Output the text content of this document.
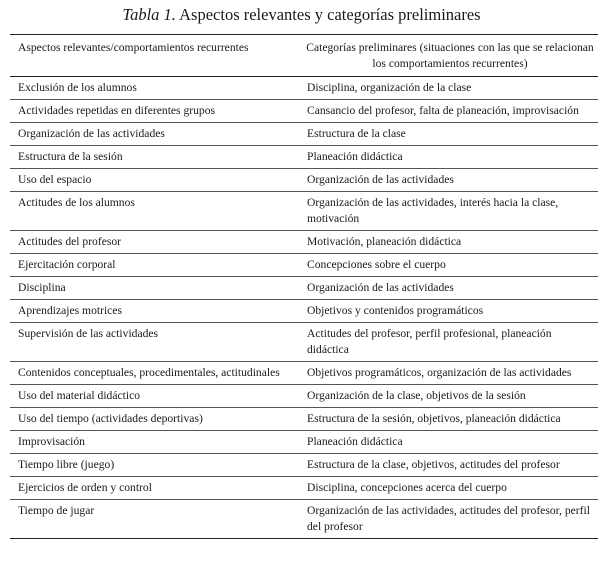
Tabla 1. Aspectos relevantes y categorías preliminares
Aspectos relevantes/comportamientos recurrentes	Categorías preliminares (situaciones con las que se relacionan los comportamientos recurrentes)
Exclusión de los alumnos	Disciplina, organización de la clase
Actividades repetidas en diferentes grupos	Cansancio del profesor, falta de planeación, improvisación
Organización de las actividades	Estructura de la clase
Estructura de la sesión	Planeación didáctica
Uso del espacio	Organización de las actividades
Actitudes de los alumnos	Organización de las actividades, interés hacia la clase, motivación
Actitudes del profesor	Motivación, planeación didáctica
Ejercitación corporal	Concepciones sobre el cuerpo
Disciplina	Organización de las actividades
Aprendizajes motrices	Objetivos y contenidos programáticos
Supervisión de las actividades	Actitudes del profesor, perfil profesional, planeación didáctica
Contenidos conceptuales, procedimentales, actitudinales	Objetivos programáticos, organización de las actividades
Uso del material didáctico	Organización de la clase, objetivos de la sesión
Uso del tiempo (actividades deportivas)	Estructura de la sesión, objetivos, planeación didáctica
Improvisación	Planeación didáctica
Tiempo libre (juego)	Estructura de la clase, objetivos, actitudes del profesor
Ejercicios de orden y control	Disciplina, concepciones acerca del cuerpo
Tiempo de jugar	Organización de las actividades, actitudes del profesor, perfil del profesor
